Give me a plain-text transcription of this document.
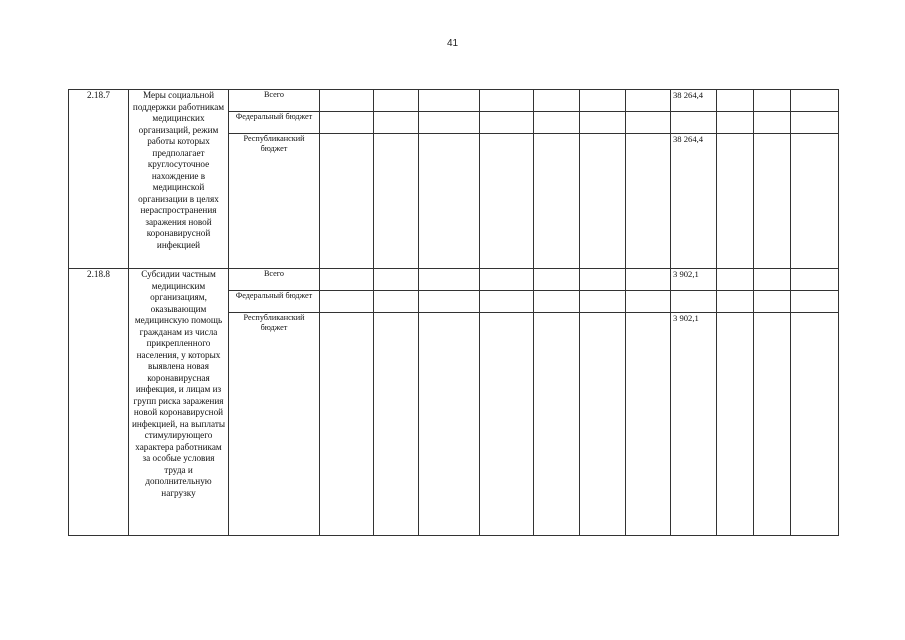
41
2.18.7	Меры социальной поддержки работникам медицинских организаций, режим работы которых предполагает круглосуточное нахождение в медицинской организации в целях нераспространения заражения новой коронавирусной инфекцией	Всего								38 264,4			
		Федеральный бюджет											
		Республиканский бюджет								38 264,4			
2.18.8	Субсидии частным медицинским организациям, оказывающим медицинскую помощь гражданам из числа прикрепленного населения, у которых выявлена новая коронавирусная инфекция, и лицам из групп риска заражения новой коронавирусной инфекцией, на выплаты стимулирующего характера работникам за особые условия труда и дополнительную нагрузку	Всего								3 902,1			
		Федеральный бюджет											
		Республиканский бюджет								3 902,1			
